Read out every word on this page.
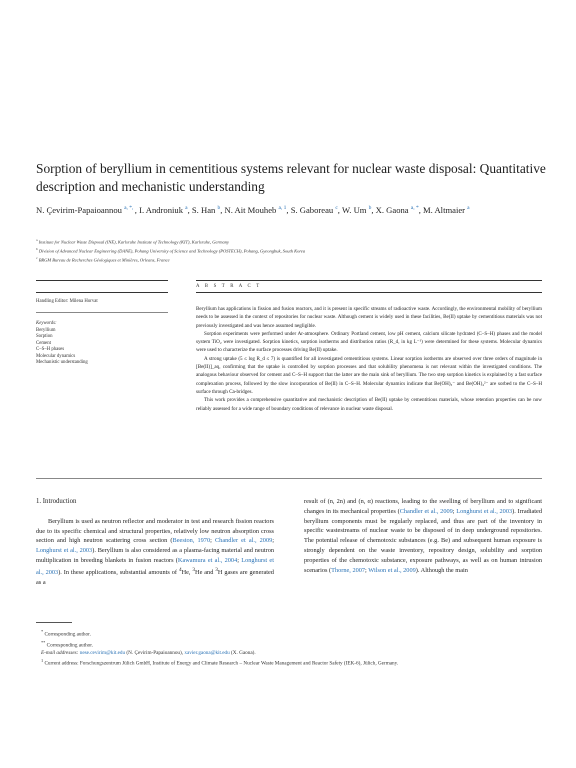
Sorption of beryllium in cementitious systems relevant for nuclear waste disposal: Quantitative description and mechanistic understanding
N. Çevirim-Papaioannou $^{a, *,}$ , I. Androniuk $^a$, S. Han $^b$, N. Ait Mouheb $^{a, 1}$, S. Gaboreau $^c$, W. Um $^b$, X. Gaona $^{a, *}$, M. Altmaier $^a$
$^a$ Institute for Nuclear Waste Disposal (INE), Karlsruhe Institute of Technology (KIT), Karlsruhe, Germany
$^b$ Division of Advanced Nuclear Engineering (DANE), Pohang University of Science and Technology (POSTECH), Pohang, Gyeongbuk, South Korea
$^c$ BRGM Bureau de Recherches Géologiques et Minières, Orleans, France
Handling Editor: Milena Horvat
Keywords:
Beryllium
Sorption
Cement
C–S–H phases
Molecular dynamics
Mechanistic understanding
A B S T R A C T

Beryllium has applications in fission and fusion reactors, and it is present in specific streams of radioactive waste. Accordingly, the environmental mobility of beryllium needs to be assessed in the context of repositories for nuclear waste. Although cement is widely used in these facilities, Be(II) uptake by cementitious materials was not previously investigated and was hence assumed negligible.

Sorption experiments were performed under Ar-atmosphere. Ordinary Portland cement, low pH cement, calcium silicate hydrated (C–S–H) phases and the model system TiO₂ were investigated. Sorption kinetics, sorption isotherms and distribution ratios (R_d, in kg L⁻¹) were determined for these systems. Molecular dynamics were used to characterize the surface processes driving Be(II) uptake.

A strong uptake (5 ≤ log R_d ≤ 7) is quantified for all investigated cementitious systems. Linear sorption isotherms are observed over three orders of magnitude in [Be(II)]_aq, confirming that the uptake is controlled by sorption processes and that solubility phenomena is not relevant within the investigated conditions. The analogous behaviour observed for cement and C–S–H support that the latter are the main sink of beryllium. The two step sorption kinetics is explained by a fast surface complexation process, followed by the slow incorporation of Be(II) in C–S–H. Molecular dynamics indicate that Be(OH)₃⁻ and Be(OH)₄²⁻ are sorbed to the C–S–H surface through Ca-bridges.

This work provides a comprehensive quantitative and mechanistic description of Be(II) uptake by cementitious materials, whose retention properties can be now reliably assessed for a wide range of boundary conditions of relevance in nuclear waste disposal.

1. Introduction

Beryllium is used as neutron reflector and moderator in test and research fission reactors due to its specific chemical and structural properties, relatively low neutron absorption cross section and high neutron scattering cross section (Beeston, 1970; Chandler et al., 2009; Longhurst et al., 2003). Beryllium is also considered as a plasma-facing material and neutron multiplication in breeding blankets in fusion reactors (Kawamura et al., 2004; Longhurst et al., 2003). In these applications, substantial amounts of $^4$He, $^3$He and $^3$H gases are generated as a

result of (n, 2n) and (n, α) reactions, leading to the swelling of beryllium and to significant changes in its mechanical properties (Chandler et al., 2009; Longhurst et al., 2003). Irradiated beryllium components must be regularly replaced, and thus are part of the inventory in specific wastestreams of nuclear waste to be disposed of in deep underground repositories. The potential release of chemotoxic substances (e.g. Be) and subsequent human exposure is strongly dependent on the waste inventory, repository design, solubility and sorption properties of the chemotoxic substance, exposure pathways, as well as on human intrusion scenarios (Thorne, 2007; Wilson et al., 2009). Although the main

* Corresponding author.
** Corresponding author.
E-mail addresses: nese.cevirim@kit.edu (N. Çevirim-Papaioannou), xavier.gaona@kit.edu (X. Gaona).
$^1$ Current address: Forschungszentrum Jülich GmbH, Institute of Energy and Climate Research – Nuclear Waste Management and Reactor Safety (IEK-6), Jülich, Germany.
